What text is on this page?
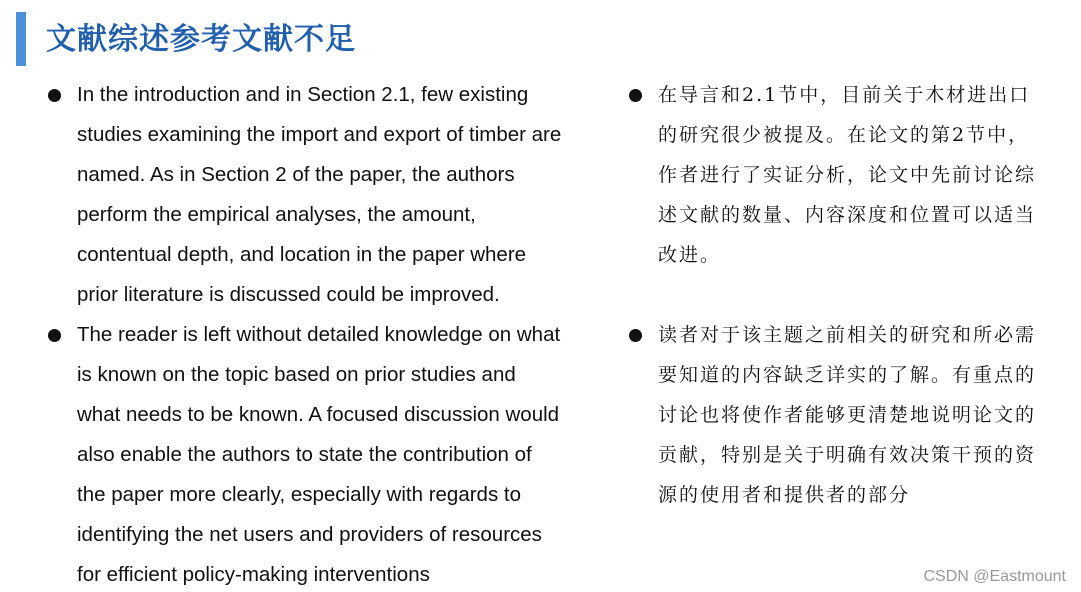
文献综述参考文献不足
In the introduction and in Section 2.1, few existing
studies examining the import and export of timber are
named. As in Section 2 of the paper, the authors
perform the empirical analyses, the amount,
contentual depth, and location in the paper where
prior literature is discussed could be improved.
The reader is left without detailed knowledge on what
is known on the topic based on prior studies and
what needs to be known. A focused discussion would
also enable the authors to state the contribution of
the paper more clearly, especially with regards to
identifying the net users and providers of resources
for efficient policy-making interventions
在导言和2.1节中，目前关于木材进出口
的研究很少被提及。在论文的第2节中，
作者进行了实证分析，论文中先前讨论综
述文献的数量、内容深度和位置可以适当
改进。
读者对于该主题之前相关的研究和所必需
要知道的内容缺乏详实的了解。有重点的
讨论也将使作者能够更清楚地说明论文的
贡献，特别是关于明确有效决策干预的资
源的使用者和提供者的部分
CSDN @Eastmount
